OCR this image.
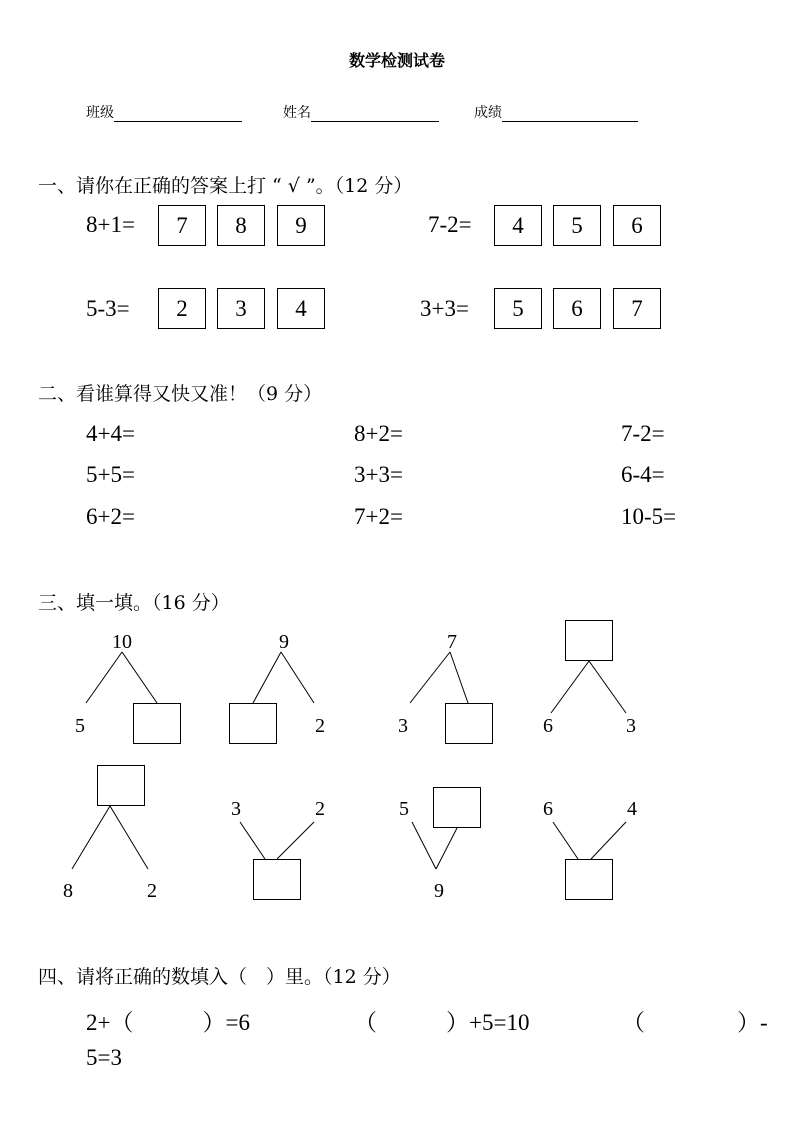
数学检测试卷
班级	姓名	成绩
一、请你在正确的答案上打 “ √ ”。（12 分）
8+1=	7	8	9	7-2=	4	5	6
5-3=	2	3	4	3+3=	5	6	7
二、看谁算得又快又准！（9 分）
4+4=	8+2=	7-2=
5+5=	3+3=	6-4=
6+2=	7+2=	10-5=
三、填一填。（16 分）
10
5
9
2
7
3	6	3
8	2
3	2	5
9
6	4
四、请将正确的数填入（　）里。（12 分）
2+（　　　）=6	（　　　）+5=10	（　　　　）-
5=3
